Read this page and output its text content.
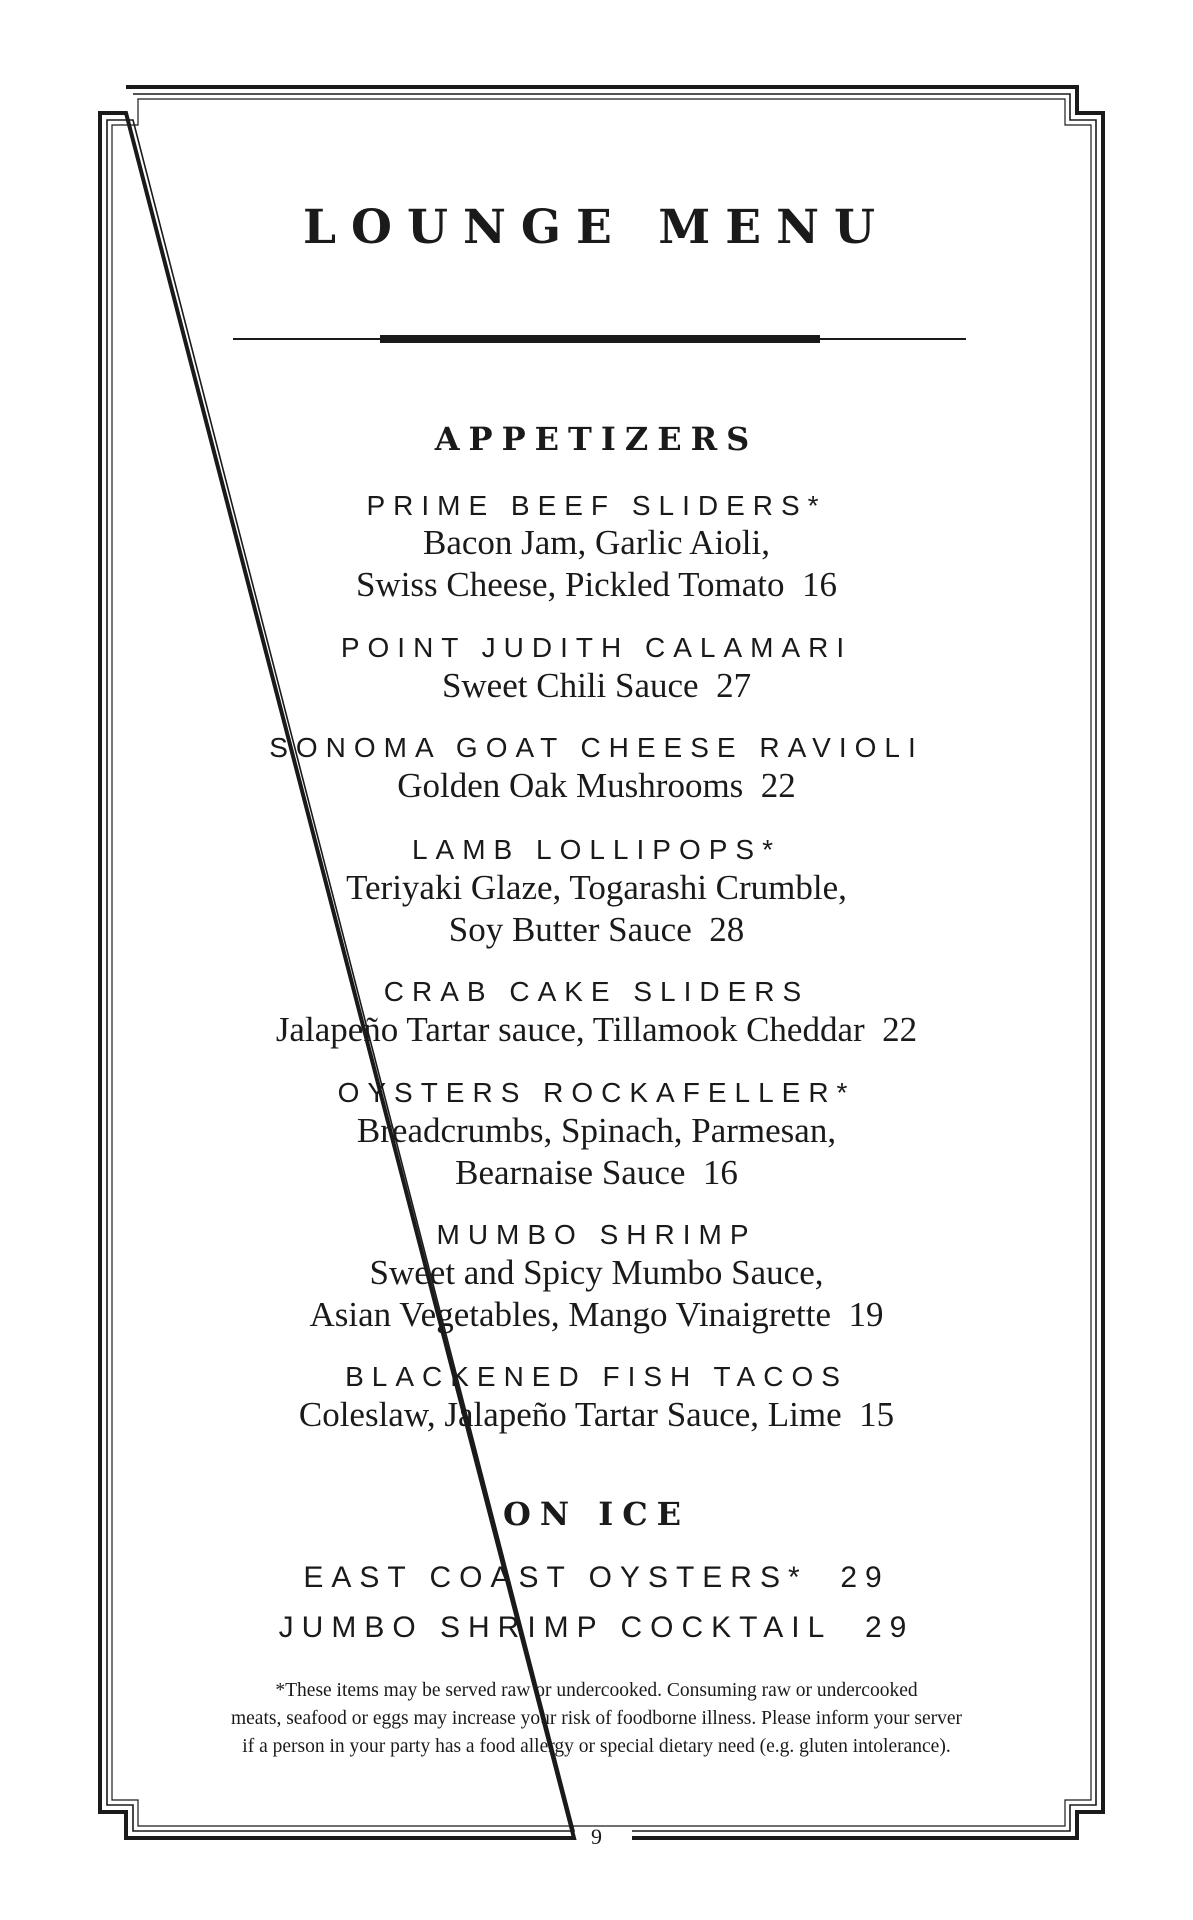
LOUNGE MENU
APPETIZERS
PRIME BEEF SLIDERS*
Bacon Jam, Garlic Aioli,
Swiss Cheese, Pickled Tomato 16
POINT JUDITH CALAMARI
Sweet Chili Sauce 27
SONOMA GOAT CHEESE RAVIOLI
Golden Oak Mushrooms 22
LAMB LOLLIPOPS*
Teriyaki Glaze, Togarashi Crumble,
Soy Butter Sauce 28
CRAB CAKE SLIDERS
Jalapeño Tartar sauce, Tillamook Cheddar 22
OYSTERS ROCKAFELLER*
Breadcrumbs, Spinach, Parmesan,
Bearnaise Sauce 16
MUMBO SHRIMP
Sweet and Spicy Mumbo Sauce,
Asian Vegetables, Mango Vinaigrette 19
BLACKENED FISH TACOS
Coleslaw, Jalapeño Tartar Sauce, Lime 15
ON ICE
EAST COAST OYSTERS* 29
JUMBO SHRIMP COCKTAIL 29
*These items may be served raw or undercooked. Consuming raw or undercooked
meats, seafood or eggs may increase your risk of foodborne illness. Please inform your server
if a person in your party has a food allergy or special dietary need (e.g. gluten intolerance).
9
